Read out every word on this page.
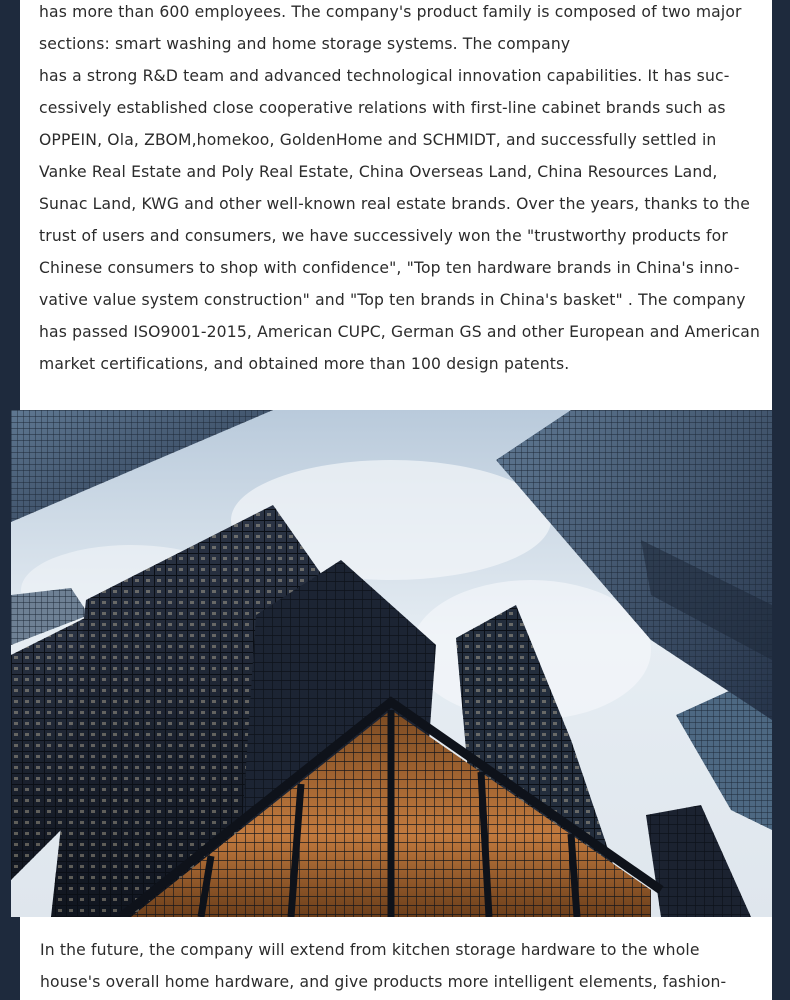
has more than 600 employees. The company's product family is composed of two major
sections: smart washing and home storage systems. The company
has a strong R&D team and advanced technological innovation capabilities. It has suc-
cessively established close cooperative relations with first-line cabinet brands such as
OPPEIN, Ola, ZBOM,homekoo, GoldenHome and SCHMIDT, and successfully settled in
Vanke Real Estate and Poly Real Estate, China Overseas Land, China Resources Land,
Sunac Land, KWG and other well-known real estate brands. Over the years, thanks to the
trust of users and consumers, we have successively won the "trustworthy products for
Chinese consumers to shop with confidence", "Top ten hardware brands in China's inno-
vative value system construction" and "Top ten brands in China's basket" . The company
has passed ISO9001-2015, American CUPC, German GS and other European and American
market certifications, and obtained more than 100 design patents.

In the future, the company will extend from kitchen storage hardware to the whole
house's overall home hardware, and give products more intelligent elements, fashion-
